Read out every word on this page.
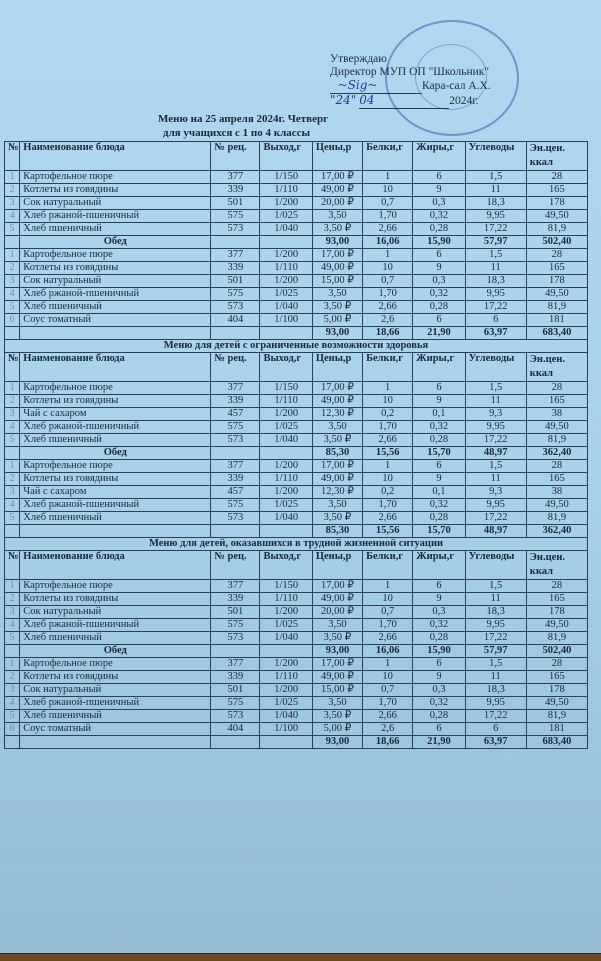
Утверждаю
Директор МУП ОП "Школьник"
~Sig~	Кара-сал А.Х.
"24" 04	2024г.
Меню на 25 апреля 2024г. Четверг
для учащихся с 1 по 4 классы
№	Наименование блюда	№ рец.	Выход,г	Цены,р	Белки,г	Жиры,г	Углеводы	Эн.цен. ккал
1	Картофельное пюре	377	1/150	17,00 ₽	1	6	1,5	28
2	Котлеты из говядины	339	1/110	49,00 ₽	10	9	11	165
3	Сок натуральный	501	1/200	20,00 ₽	0,7	0,3	18,3	178
4	Хлеб ржаной-пшеничный	575	1/025	3,50	1,70	0,32	9,95	49,50
5	Хлеб пшеничный	573	1/040	3,50 ₽	2,66	0,28	17,22	81,9
	Обед			93,00	16,06	15,90	57,97	502,40
1	Картофельное пюре	377	1/200	17,00 ₽	1	6	1,5	28
2	Котлеты из говядины	339	1/110	49,00 ₽	10	9	11	165
3	Сок натуральный	501	1/200	15,00 ₽	0,7	0,3	18,3	178
4	Хлеб ржаной-пшеничный	575	1/025	3,50	1,70	0,32	9,95	49,50
5	Хлеб пшеничный	573	1/040	3,50 ₽	2,66	0,28	17,22	81,9
6	Соус томатный	404	1/100	5,00 ₽	2,6	6	6	181
				93,00	18,66	21,90	63,97	683,40
Меню для детей с ограниченные возможности здоровья								
№	Наименование блюда	№ рец.	Выход,г	Цены,р	Белки,г	Жиры,г	Углеводы	Эн.цен. ккал
1	Картофельное пюре	377	1/150	17,00 ₽	1	6	1,5	28
2	Котлеты из говядины	339	1/110	49,00 ₽	10	9	11	165
3	Чай с сахаром	457	1/200	12,30 ₽	0,2	0,1	9,3	38
4	Хлеб ржаной-пшеничный	575	1/025	3,50	1,70	0,32	9,95	49,50
5	Хлеб пшеничный	573	1/040	3,50 ₽	2,66	0,28	17,22	81,9
	Обед			85,30	15,56	15,70	48,97	362,40
1	Картофельное пюре	377	1/200	17,00 ₽	1	6	1,5	28
2	Котлеты из говядины	339	1/110	49,00 ₽	10	9	11	165
3	Чай с сахаром	457	1/200	12,30 ₽	0,2	0,1	9,3	38
4	Хлеб ржаной-пшеничный	575	1/025	3,50	1,70	0,32	9,95	49,50
5	Хлеб пшеничный	573	1/040	3,50 ₽	2,66	0,28	17,22	81,9
				85,30	15,56	15,70	48,97	362,40
Меню для детей, оказавшихся в трудной жизненной ситуации								
№	Наименование блюда	№ рец.	Выход,г	Цены,р	Белки,г	Жиры,г	Углеводы	Эн.цен. ккал
1	Картофельное пюре	377	1/150	17,00 ₽	1	6	1,5	28
2	Котлеты из говядины	339	1/110	49,00 ₽	10	9	11	165
3	Сок натуральный	501	1/200	20,00 ₽	0,7	0,3	18,3	178
4	Хлеб ржаной-пшеничный	575	1/025	3,50	1,70	0,32	9,95	49,50
5	Хлеб пшеничный	573	1/040	3,50 ₽	2,66	0,28	17,22	81,9
	Обед			93,00	16,06	15,90	57,97	502,40
1	Картофельное пюре	377	1/200	17,00 ₽	1	6	1,5	28
2	Котлеты из говядины	339	1/110	49,00 ₽	10	9	11	165
3	Сок натуральный	501	1/200	15,00 ₽	0,7	0,3	18,3	178
4	Хлеб ржаной-пшеничный	575	1/025	3,50	1,70	0,32	9,95	49,50
5	Хлеб пшеничный	573	1/040	3,50 ₽	2,66	0,28	17,22	81,9
6	Соус томатный	404	1/100	5,00 ₽	2,6	6	6	181
				93,00	18,66	21,90	63,97	683,40
